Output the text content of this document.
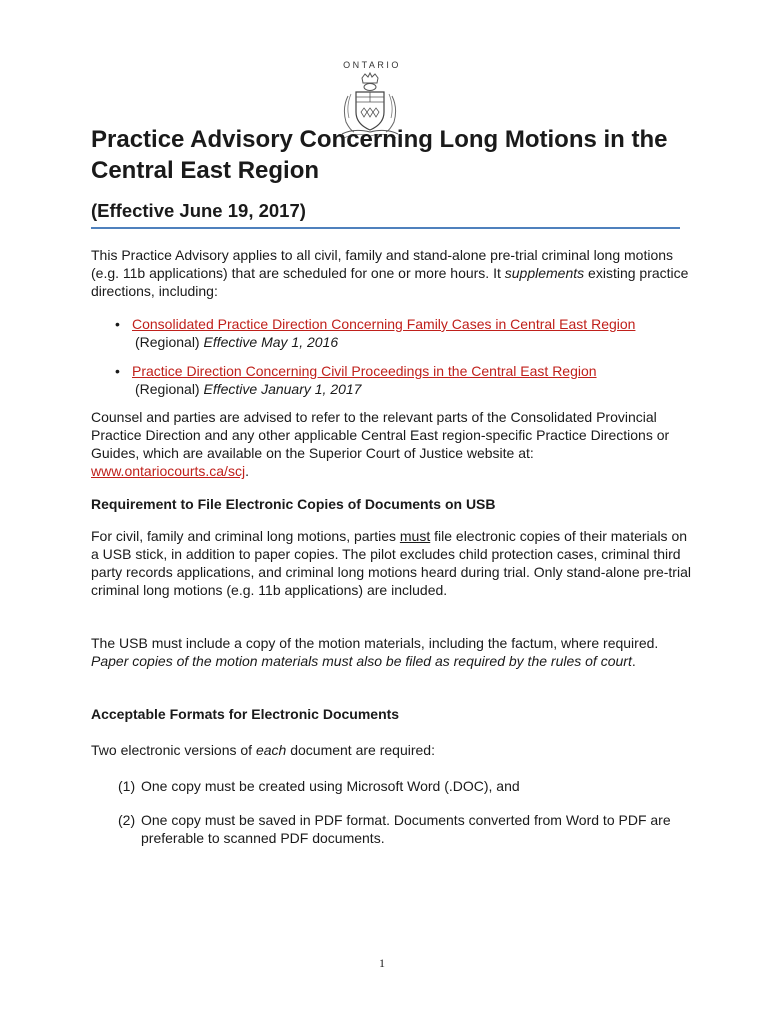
ONTARIO
Practice Advisory Concerning Long Motions in the Central East Region
(Effective June 19, 2017)

This Practice Advisory applies to all civil, family and stand-alone pre-trial criminal long motions (e.g. 11b applications) that are scheduled for one or more hours. It supplements existing practice directions, including:

• Consolidated Practice Direction Concerning Family Cases in Central East Region
(Regional) Effective May 1, 2016
• Practice Direction Concerning Civil Proceedings in the Central East Region
(Regional) Effective January 1, 2017

Counsel and parties are advised to refer to the relevant parts of the Consolidated Provincial Practice Direction and any other applicable Central East region-specific Practice Directions or Guides, which are available on the Superior Court of Justice website at: www.ontariocourts.ca/scj.

Requirement to File Electronic Copies of Documents on USB

For civil, family and criminal long motions, parties must file electronic copies of their materials on a USB stick, in addition to paper copies. The pilot excludes child protection cases, criminal third party records applications, and criminal long motions heard during trial. Only stand-alone pre-trial criminal long motions (e.g. 11b applications) are included.

The USB must include a copy of the motion materials, including the factum, where required. Paper copies of the motion materials must also be filed as required by the rules of court.

Acceptable Formats for Electronic Documents

Two electronic versions of each document are required:

(1) One copy must be created using Microsoft Word (.DOC), and
(2) One copy must be saved in PDF format. Documents converted from Word to PDF are preferable to scanned PDF documents.
1
